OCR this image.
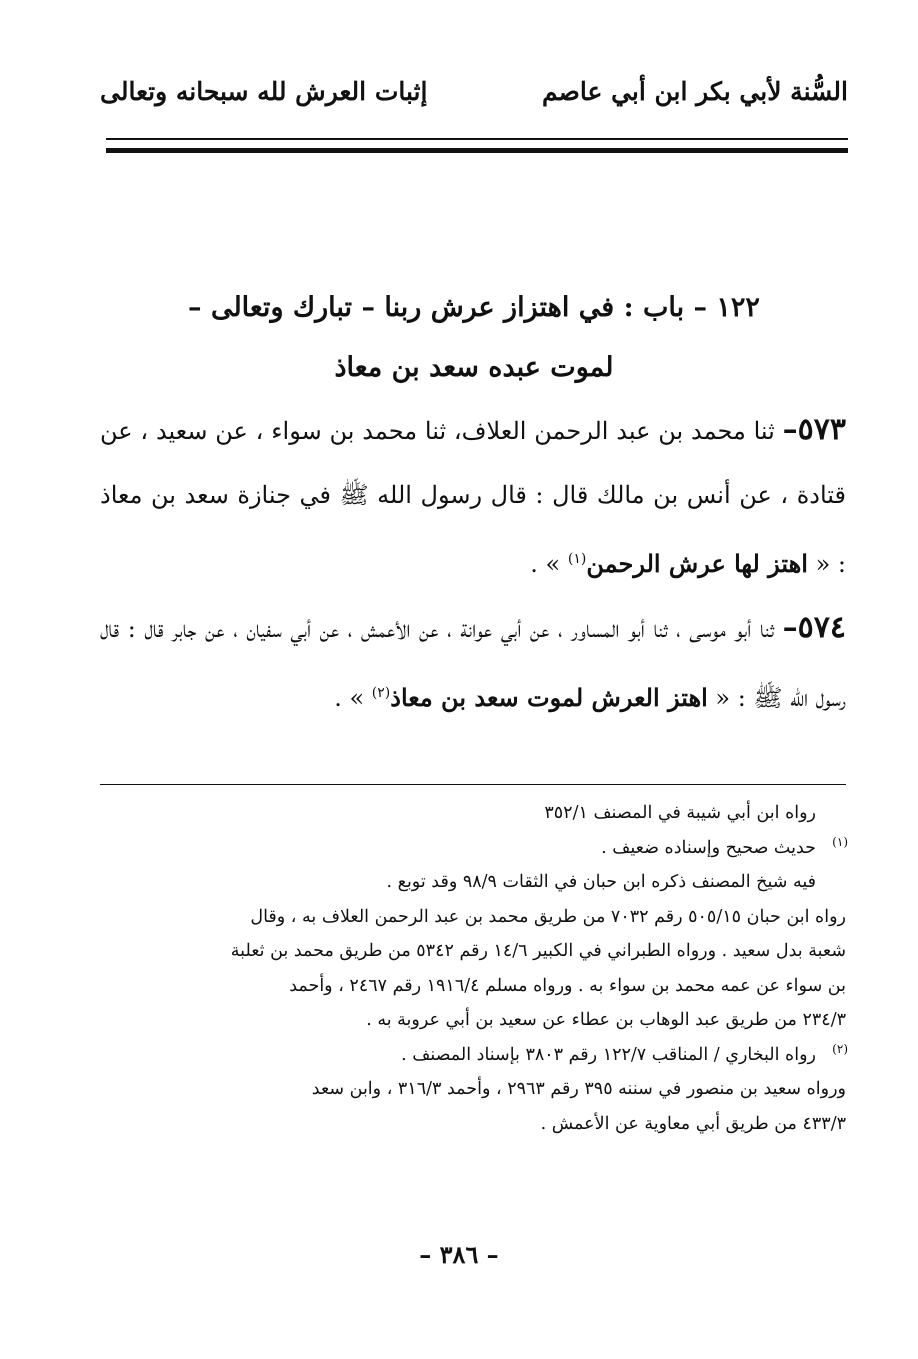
السُّنة لأبي بكر ابن أبي عاصم
إثبات العرش لله سبحانه وتعالى
١٢٢ – باب : في اهتزاز عرش ربنا – تبارك وتعالى –
لموت عبده سعد بن معاذ
٥٧٣– ثنا محمد بن عبد الرحمن العلاف، ثنا محمد بن سواء ، عن سعيد ، عن قتادة ، عن أنس بن مالك قال : قال رسول الله ﷺ في جنازة سعد بن معاذ : « اهتز لها عرش الرحمن$^{(١)}$ » .
٥٧٤– ثنا أبو موسى ، ثنا أبو المساور ، عن أبي عوانة ، عن الأعمش ، عن أبي سفيان ، عن جابر قال : قال رسول الله ﷺ : « اهتز العرش لموت سعد بن معاذ$^{(٢)}$ » .
رواه ابن أبي شيبة في المصنف ٣٥٢/١
(١)
حديث صحيح وإسناده ضعيف .
فيه شيخ المصنف ذكره ابن حبان في الثقات ٩٨/٩ وقد توبع .
رواه ابن حبان ٥٠٥/١٥ رقم ٧٠٣٢ من طريق محمد بن عبد الرحمن العلاف به ، وقال
شعبة بدل سعيد . ورواه الطبراني في الكبير ١٤/٦ رقم ٥٣٤٢ من طريق محمد بن ثعلبة
بن سواء عن عمه محمد بن سواء به . ورواه مسلم ١٩١٦/٤ رقم ٢٤٦٧ ، وأحمد
٢٣٤/٣ من طريق عبد الوهاب بن عطاء عن سعيد بن أبي عروبة به .
(٢)
رواه البخاري / المناقب ١٢٢/٧ رقم ٣٨٠٣ بإسناد المصنف .
ورواه سعيد بن منصور في سننه ٣٩٥ رقم ٢٩٦٣ ، وأحمد ٣١٦/٣ ، وابن سعد
٤٣٣/٣ من طريق أبي معاوية عن الأعمش .
– ٣٨٦ –
